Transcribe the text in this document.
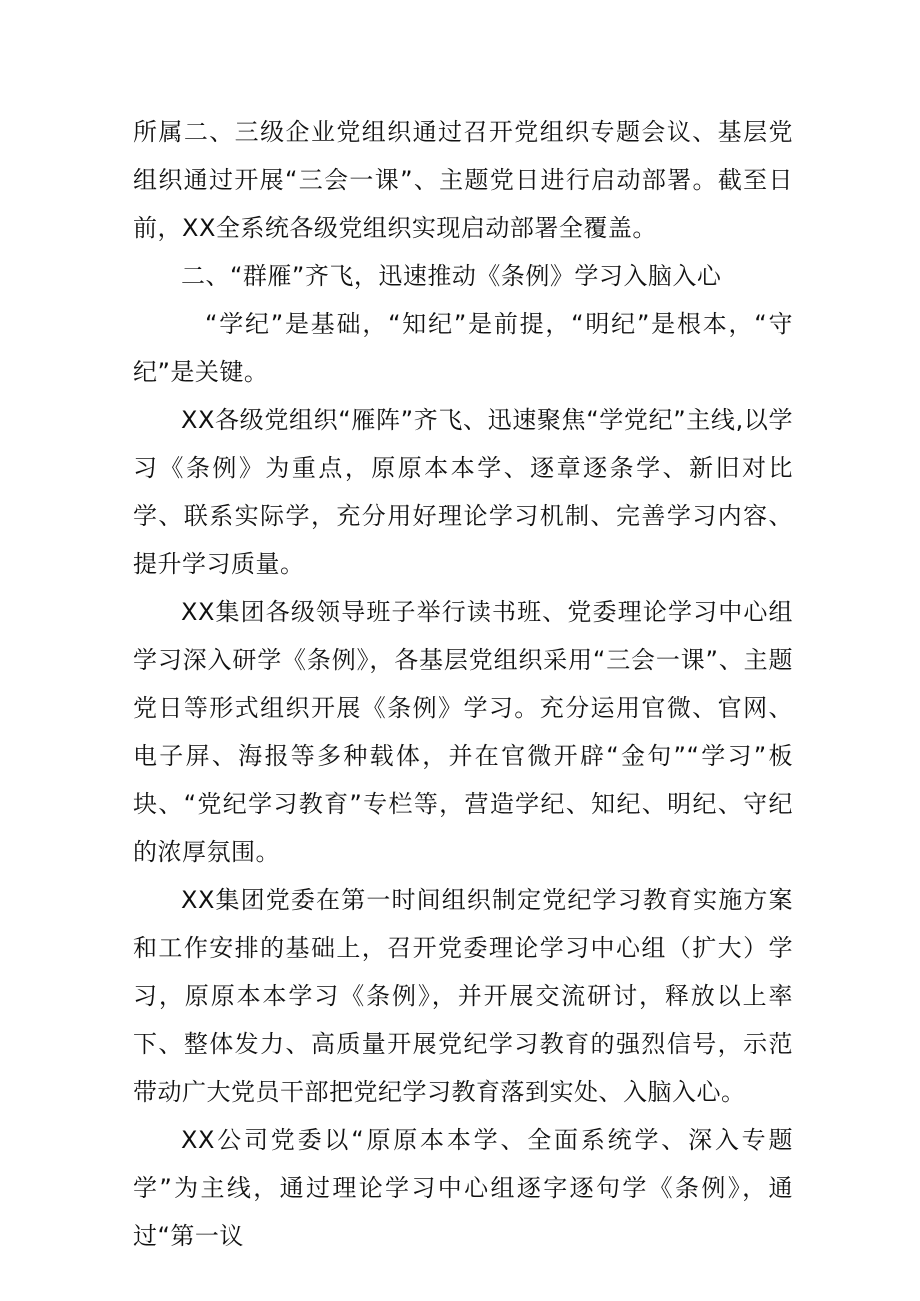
所属二、三级企业党组织通过召开党组织专题会议、基层党组织通过开展“三会一课”、主题党日进行启动部署。截至日前，XX全系统各级党组织实现启动部署全覆盖。

二、“群雁”齐飞，迅速推动《条例》学习入脑入心

“学纪”是基础，“知纪”是前提，“明纪”是根本，“守纪”是关键。

XX各级党组织“雁阵”齐飞、迅速聚焦“学党纪”主线,以学习《条例》为重点，原原本本学、逐章逐条学、新旧对比学、联系实际学，充分用好理论学习机制、完善学习内容、提升学习质量。

XX集团各级领导班子举行读书班、党委理论学习中心组学习深入研学《条例》，各基层党组织采用“三会一课”、主题党日等形式组织开展《条例》学习。充分运用官微、官网、电子屏、海报等多种载体，并在官微开辟“金句”“学习”板块、“党纪学习教育”专栏等，营造学纪、知纪、明纪、守纪的浓厚氛围。

XX集团党委在第一时间组织制定党纪学习教育实施方案和工作安排的基础上，召开党委理论学习中心组（扩大）学习，原原本本学习《条例》，并开展交流研讨，释放以上率下、整体发力、高质量开展党纪学习教育的强烈信号，示范带动广大党员干部把党纪学习教育落到实处、入脑入心。

XX公司党委以“原原本本学、全面系统学、深入专题学”为主线，通过理论学习中心组逐字逐句学《条例》，通过“第一议
